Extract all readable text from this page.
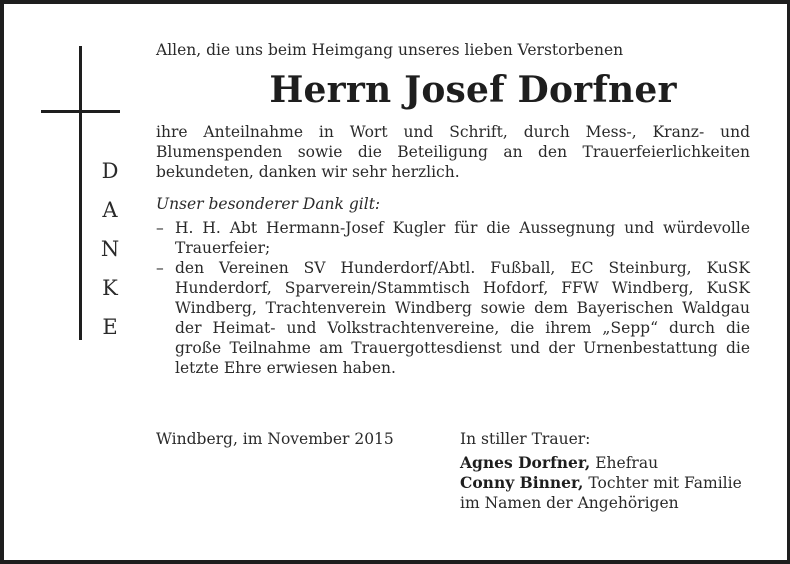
D
A
N
K
E

Allen, die uns beim Heimgang unseres lieben Verstorbenen

Herrn Josef Dorfner

ihre Anteilnahme in Wort und Schrift, durch Mess-, Kranz- und Blumenspenden sowie die Beteiligung an den Trauerfeierlichkeiten bekundeten, danken wir sehr herzlich.

Unser besonderer Dank gilt:
– H. H. Abt Hermann-Josef Kugler für die Aussegnung und würdevolle Trauerfeier;
– den Vereinen SV Hunderdorf/Abtl. Fußball, EC Steinburg, KuSK Hunderdorf, Sparverein/Stammtisch Hofdorf, FFW Windberg, KuSK Windberg, Trachtenverein Windberg sowie dem Bayerischen Waldgau der Heimat- und Volkstrachtenvereine, die ihrem „Sepp“ durch die große Teilnahme am Trauergottesdienst und der Urnenbestattung die letzte Ehre erwiesen haben.
Windberg, im November 2015	In stiller Trauer:
Agnes Dorfner, Ehefrau
Conny Binner, Tochter mit Familie
im Namen der Angehörigen
